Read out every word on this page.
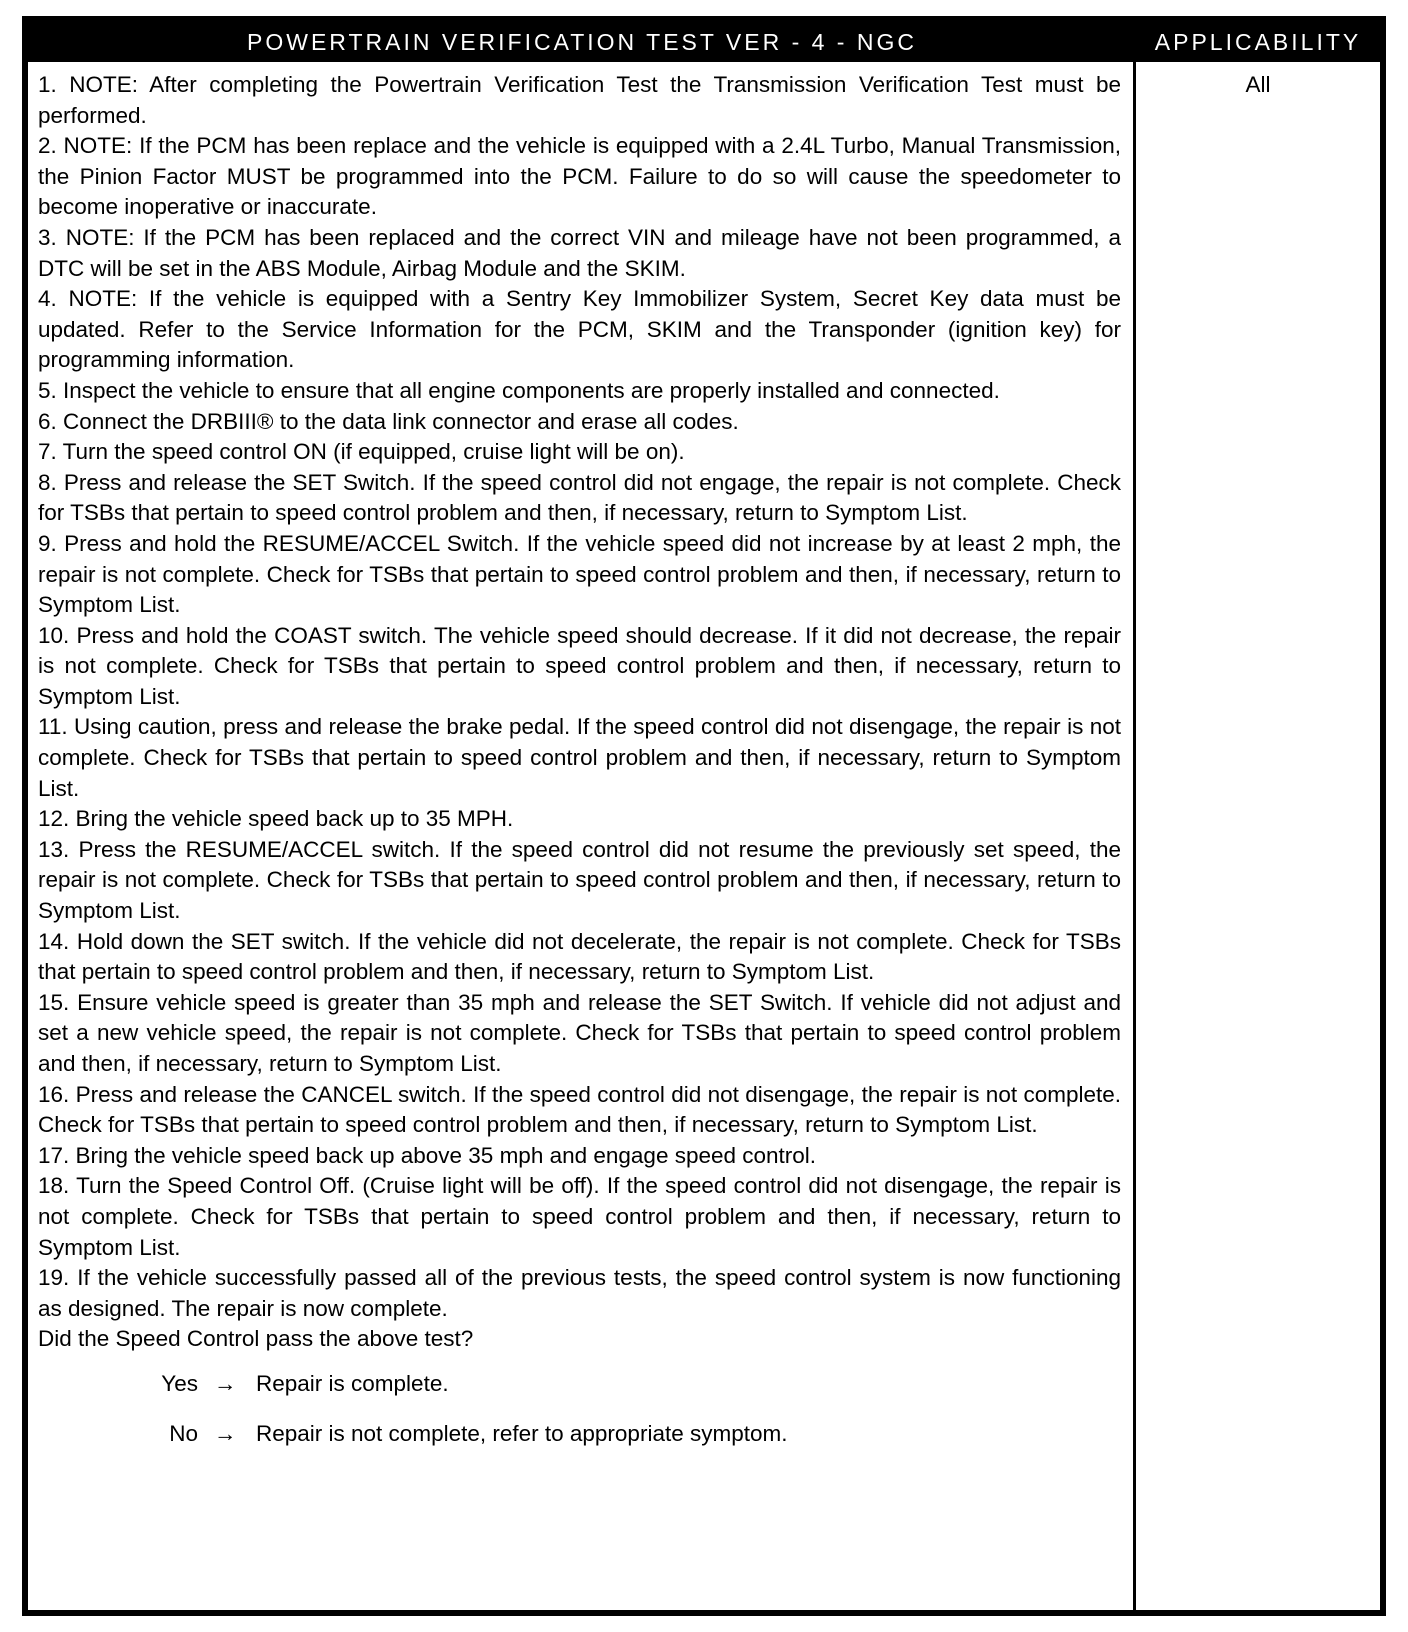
POWERTRAIN VERIFICATION TEST VER - 4 - NGC	APPLICABILITY

1. NOTE: After completing the Powertrain Verification Test the Transmission Verification Test must be performed.

2. NOTE: If the PCM has been replace and the vehicle is equipped with a 2.4L Turbo, Manual Transmission, the Pinion Factor MUST be programmed into the PCM. Failure to do so will cause the speedometer to become inoperative or inaccurate.

3. NOTE: If the PCM has been replaced and the correct VIN and mileage have not been programmed, a DTC will be set in the ABS Module, Airbag Module and the SKIM.

4. NOTE: If the vehicle is equipped with a Sentry Key Immobilizer System, Secret Key data must be updated. Refer to the Service Information for the PCM, SKIM and the Transponder (ignition key) for programming information.

5. Inspect the vehicle to ensure that all engine components are properly installed and connected.

6. Connect the DRBIII® to the data link connector and erase all codes.

7. Turn the speed control ON (if equipped, cruise light will be on).

8. Press and release the SET Switch. If the speed control did not engage, the repair is not complete. Check for TSBs that pertain to speed control problem and then, if necessary, return to Symptom List.

9. Press and hold the RESUME/ACCEL Switch. If the vehicle speed did not increase by at least 2 mph, the repair is not complete. Check for TSBs that pertain to speed control problem and then, if necessary, return to Symptom List.

10. Press and hold the COAST switch. The vehicle speed should decrease. If it did not decrease, the repair is not complete. Check for TSBs that pertain to speed control problem and then, if necessary, return to Symptom List.

11. Using caution, press and release the brake pedal. If the speed control did not disengage, the repair is not complete. Check for TSBs that pertain to speed control problem and then, if necessary, return to Symptom List.

12. Bring the vehicle speed back up to 35 MPH.

13. Press the RESUME/ACCEL switch. If the speed control did not resume the previously set speed, the repair is not complete. Check for TSBs that pertain to speed control problem and then, if necessary, return to Symptom List.

14. Hold down the SET switch. If the vehicle did not decelerate, the repair is not complete. Check for TSBs that pertain to speed control problem and then, if necessary, return to Symptom List.

15. Ensure vehicle speed is greater than 35 mph and release the SET Switch. If vehicle did not adjust and set a new vehicle speed, the repair is not complete. Check for TSBs that pertain to speed control problem and then, if necessary, return to Symptom List.

16. Press and release the CANCEL switch. If the speed control did not disengage, the repair is not complete. Check for TSBs that pertain to speed control problem and then, if necessary, return to Symptom List.

17. Bring the vehicle speed back up above 35 mph and engage speed control.

18. Turn the Speed Control Off. (Cruise light will be off). If the speed control did not disengage, the repair is not complete. Check for TSBs that pertain to speed control problem and then, if necessary, return to Symptom List.

19. If the vehicle successfully passed all of the previous tests, the speed control system is now functioning as designed. The repair is now complete.

Did the Speed Control pass the above test?

Yes → Repair is complete.
No → Repair is not complete, refer to appropriate symptom.
All
